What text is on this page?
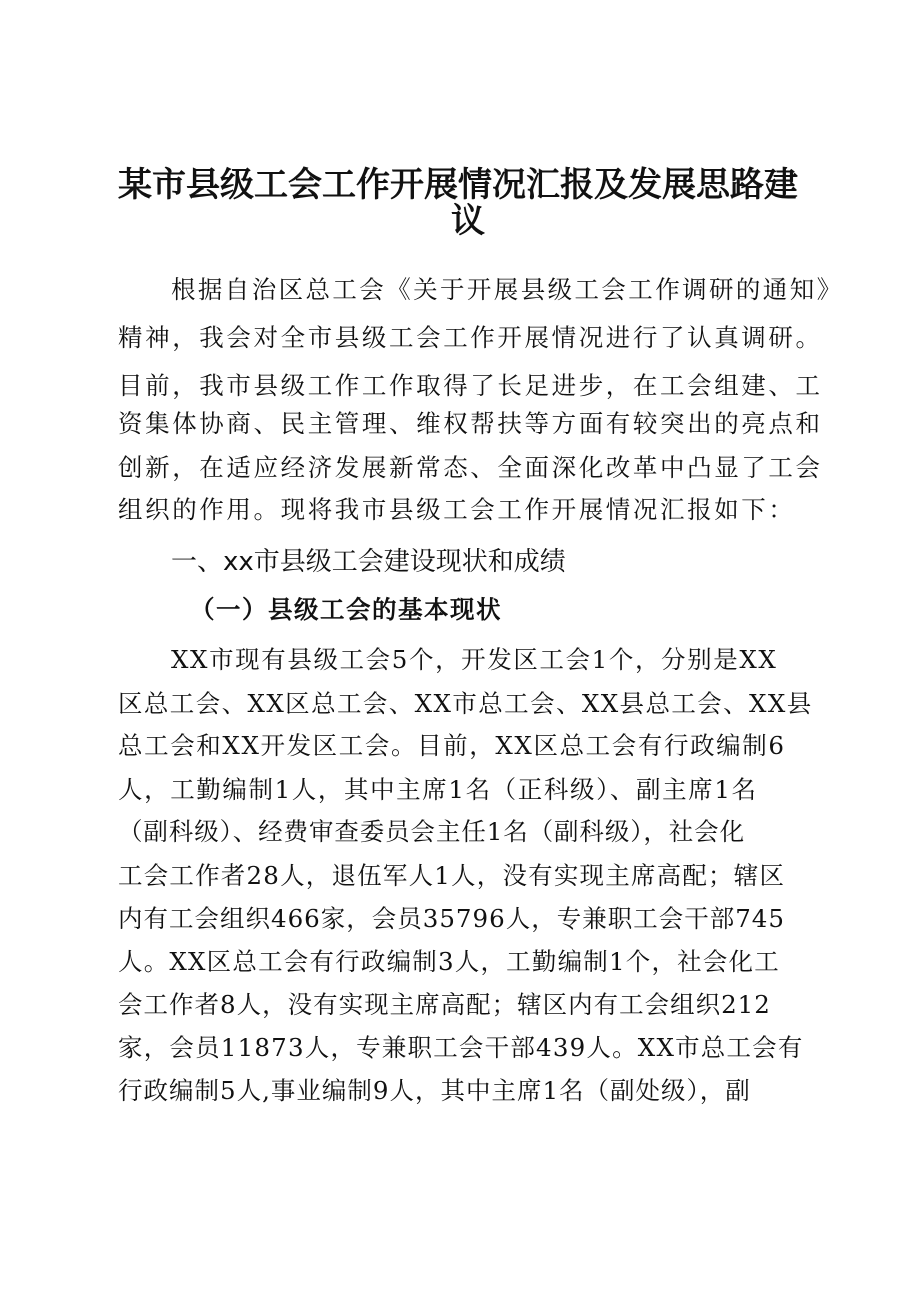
某市县级工会工作开展情况汇报及发展思路建
议
根据自治区总工会《关于开展县级工会工作调研的通知》
精神，我会对全市县级工会工作开展情况进行了认真调研。
目前，我市县级工作工作取得了长足进步，在工会组建、工
资集体协商、民主管理、维权帮扶等方面有较突出的亮点和
创新，在适应经济发展新常态、全面深化改革中凸显了工会
组织的作用。现将我市县级工会工作开展情况汇报如下：
一、xx市县级工会建设现状和成绩
（一）县级工会的基本现状
XX市现有县级工会5个，开发区工会1个，分别是XX
区总工会、XX区总工会、XX市总工会、XX县总工会、XX县
总工会和XX开发区工会。目前，XX区总工会有行政编制6
人，工勤编制1人，其中主席1名（正科级）、副主席1名
（副科级）、经费审查委员会主任1名（副科级），社会化
工会工作者28人，退伍军人1人，没有实现主席高配；辖区
内有工会组织466家，会员35796人，专兼职工会干部745
人。XX区总工会有行政编制3人，工勤编制1个，社会化工
会工作者8人，没有实现主席高配；辖区内有工会组织212
家，会员11873人，专兼职工会干部439人。XX市总工会有
行政编制5人,事业编制9人，其中主席1名（副处级），副
